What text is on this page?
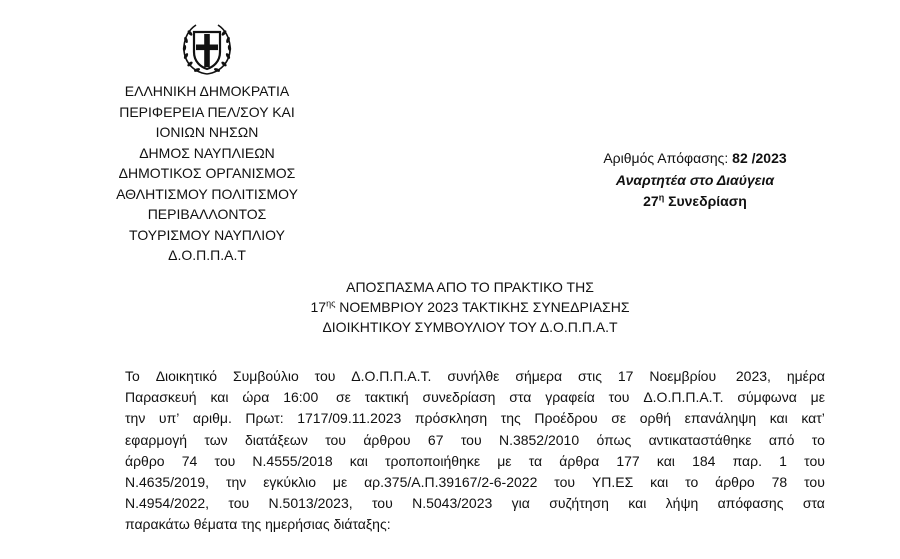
ΕΛΛΗΝΙΚΗ ΔΗΜΟΚΡΑΤΙΑ
ΠΕΡΙΦΕΡΕΙΑ ΠΕΛ/ΣΟΥ ΚΑΙ
ΙΟΝΙΩΝ ΝΗΣΩΝ
ΔΗΜΟΣ ΝΑΥΠΛΙΕΩΝ
ΔΗΜΟΤΙΚΟΣ ΟΡΓΑΝΙΣΜΟΣ
ΑΘΛΗΤΙΣΜΟΥ ΠΟΛΙΤΙΣΜΟΥ
ΠΕΡΙΒΑΛΛΟΝΤΟΣ
ΤΟΥΡΙΣΜΟΥ ΝΑΥΠΛΙΟΥ
Δ.Ο.Π.Π.Α.Τ
Αριθμός Απόφασης: 82 /2023
Αναρτητέα στο Διαύγεια
$27^\eta$ Συνεδρίαση
ΑΠΟΣΠΑΣΜΑ ΑΠΟ ΤΟ ΠΡΑΚΤΙΚΟ ΤΗΣ
$17^{\eta\varsigma}$ ΝΟΕΜΒΡΙΟΥ 2023 ΤΑΚΤΙΚΗΣ ΣΥΝΕΔΡΙΑΣΗΣ
ΔΙΟΙΚΗΤΙΚΟΥ ΣΥΜΒΟΥΛΙΟΥ ΤΟΥ Δ.Ο.Π.Π.Α.Τ
Το Διοικητικό Συμβούλιο του Δ.Ο.Π.Π.Α.Τ. συνήλθε σήμερα στις 17 Νοεμβρίου 2023, ημέρα
Παρασκευή και ώρα 16:00 σε τακτική συνεδρίαση στα γραφεία του Δ.Ο.Π.Π.Α.Τ. σύμφωνα με
την υπ’ αριθμ. Πρωτ: 1717/09.11.2023 πρόσκληση της Προέδρου σε ορθή επανάληψη και κατ’
εφαρμογή των διατάξεων του άρθρου 67 του Ν.3852/2010 όπως αντικαταστάθηκε από το
άρθρο 74 του Ν.4555/2018 και τροποποιήθηκε με τα άρθρα 177 και 184 παρ. 1 του
Ν.4635/2019, την εγκύκλιο με αρ.375/Α.Π.39167/2-6-2022 του ΥΠ.ΕΣ και το άρθρο 78 του
Ν.4954/2022, του Ν.5013/2023, του Ν.5043/2023 για συζήτηση και λήψη απόφασης στα
παρακάτω θέματα της ημερήσιας διάταξης:
